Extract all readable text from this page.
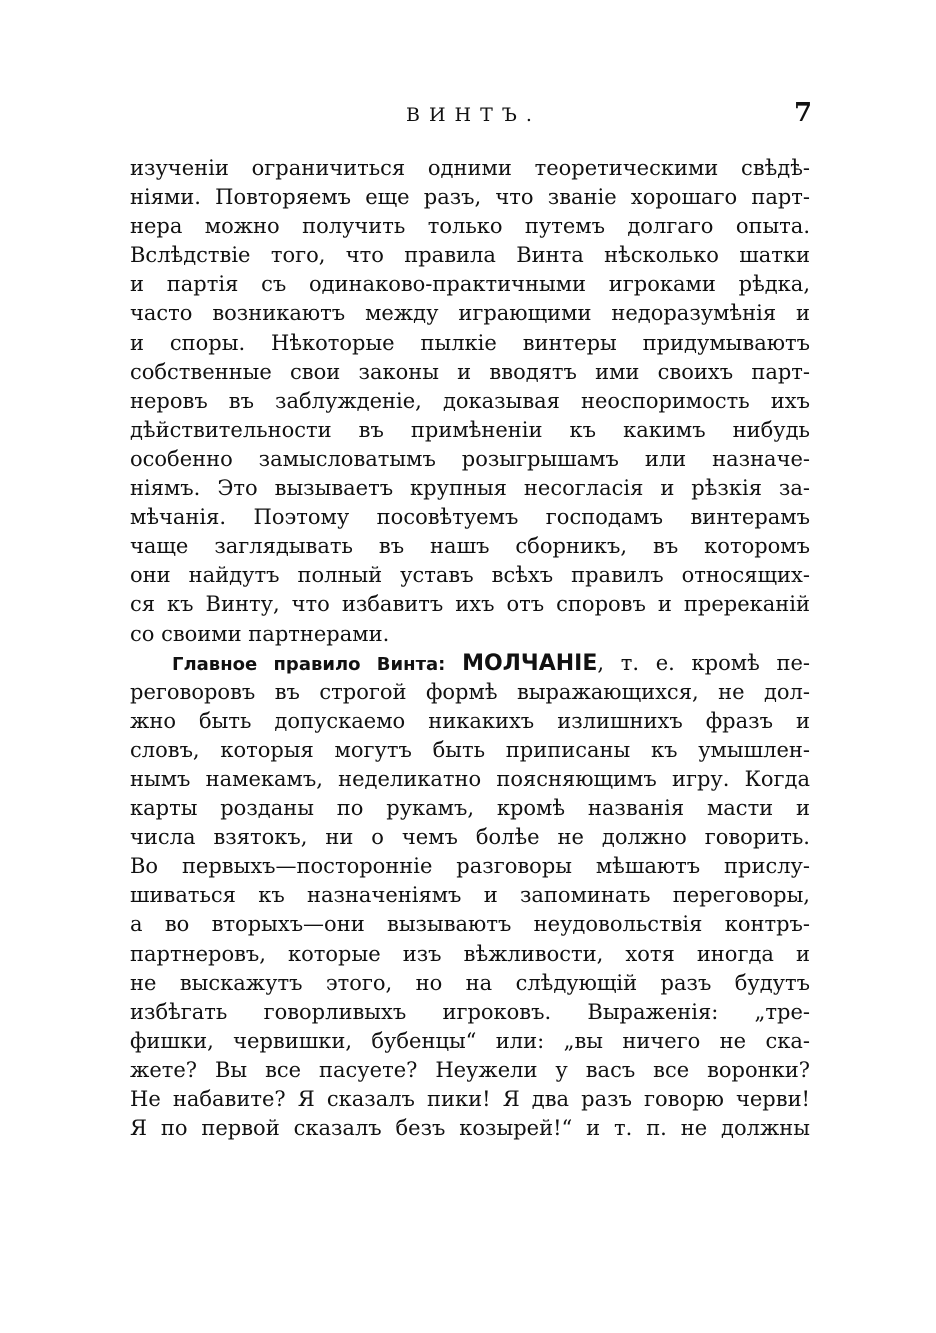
ВИНТЪ.	7
изученіи ограничиться одними теоретическими свѣдѣ-
ніями. Повторяемъ еще разъ, что званіе хорошаго парт-
нера можно получить только путемъ долгаго опыта.
Вслѣдствіе того, что правила Винта нѣсколько шатки
и партія съ одинаково-практичными игроками рѣдка,
часто возникаютъ между играющими недоразумѣнія и
и споры. Нѣкоторые пылкіе винтеры придумываютъ
собственные свои законы и вводятъ ими своихъ парт-
неровъ въ заблужденіе, доказывая неоспоримость ихъ
дѣйствительности въ примѣненіи къ какимъ нибудь
особенно замысловатымъ розыгрышамъ или назначе-
ніямъ. Это вызываетъ крупныя несогласія и рѣзкія за-
мѣчанія. Поэтому посовѣтуемъ господамъ винтерамъ
чаще заглядывать въ нашъ сборникъ, въ которомъ
они найдутъ полный уставъ всѣхъ правилъ относящих-
ся къ Винту, что избавитъ ихъ отъ споровъ и пререканій
со своими партнерами.
Главное правило Винта: МОЛЧАНІЕ, т. е. кромѣ пе-
реговоровъ въ строгой формѣ выражающихся, не дол-
жно быть допускаемо никакихъ излишнихъ фразъ и
словъ, которыя могутъ быть приписаны къ умышлен-
нымъ намекамъ, неделикатно поясняющимъ игру. Когда
карты розданы по рукамъ, кромѣ названія масти и
числа взятокъ, ни о чемъ болѣе не должно говорить.
Во первыхъ—посторонніе разговоры мѣшаютъ прислу-
шиваться къ назначеніямъ и запоминать переговоры,
а во вторыхъ—они вызываютъ неудовольствія контръ-
партнеровъ, которые изъ вѣжливости, хотя иногда и
не выскажутъ этого, но на слѣдующій разъ будутъ
избѣгать говорливыхъ игроковъ. Выраженія: „тре-
фишки, червишки, бубенцы“ или: „вы ничего не ска-
жете? Вы все пасуете? Неужели у васъ все воронки?
Не набавите? Я сказалъ пики! Я два разъ говорю черви!
Я по первой сказалъ безъ козырей!“ и т. п. не должны
